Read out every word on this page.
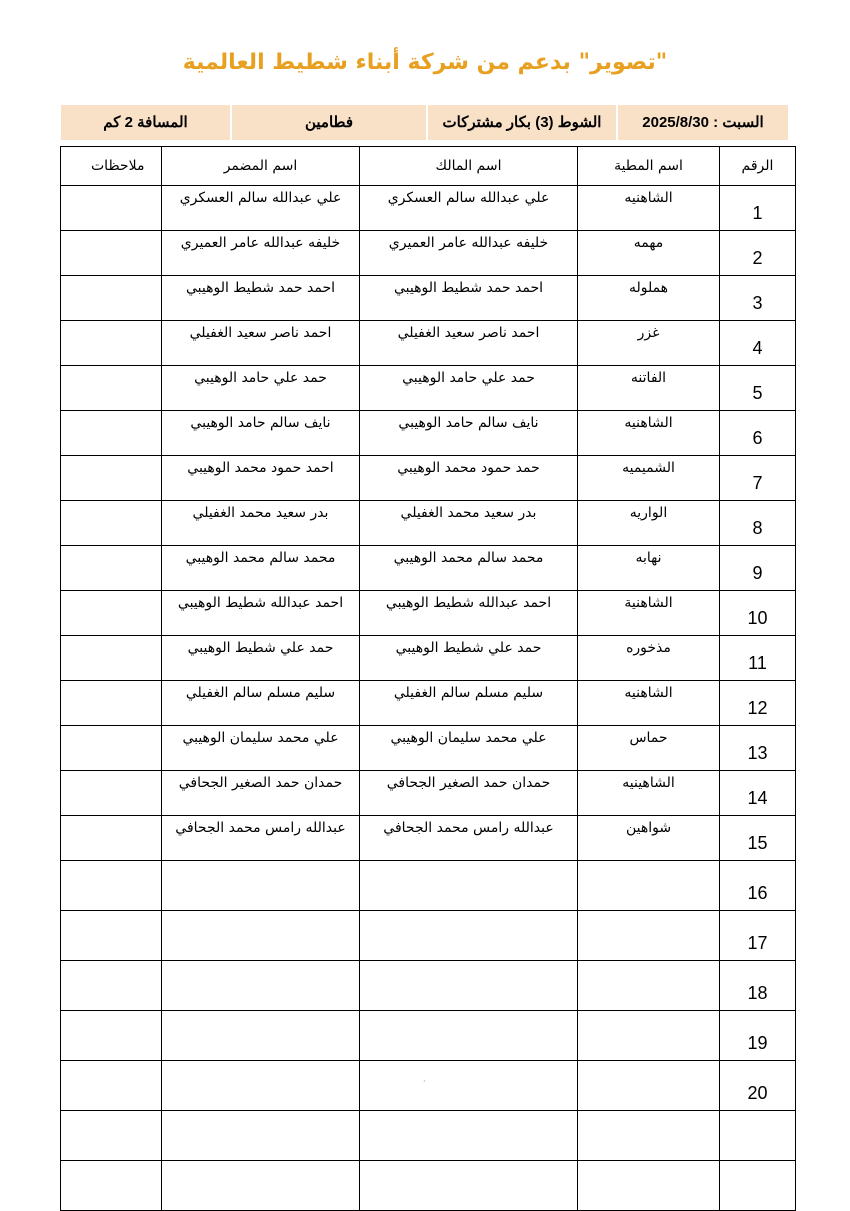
"تصوير" بدعم من شركة أبناء شطيط العالمية
السبت : 2025/8/30
الشوط (3) بكار مشتركات
فطامين
المسافة 2 كم
الرقم	اسم المطية	اسم المالك	اسم المضمر	ملاحظات
1	الشاهنيه	علي عبدالله سالم العسكري	علي عبدالله سالم العسكري	

2	مهمه	خليفه عبدالله عامر العميري	خليفه عبدالله عامر العميري	

3	هملوله	احمد حمد شطيط الوهيبي	احمد حمد شطيط الوهيبي	

4	غزر	احمد ناصر سعيد الغفيلي	احمد ناصر سعيد الغفيلي	

5	الفاتنه	حمد علي حامد الوهيبي	حمد علي حامد الوهيبي	

6	الشاهنيه	نايف سالم حامد الوهيبي	نايف سالم حامد الوهيبي	

7	الشميميه	حمد حمود محمد الوهيبي	احمد حمود محمد الوهيبي	

8	الواريه	بدر سعيد محمد الغفيلي	بدر سعيد محمد الغفيلي	

9	نهابه	محمد سالم محمد الوهيبي	محمد سالم محمد الوهيبي	

10	الشاهنية	احمد عبدالله شطيط الوهيبي	احمد عبدالله شطيط الوهيبي	

11	مذخوره	حمد علي شطيط الوهيبي	حمد علي شطيط الوهيبي	

12	الشاهنيه	سليم مسلم سالم الغفيلي	سليم مسلم سالم الغفيلي	

13	حماس	علي محمد سليمان الوهيبي	علي محمد سليمان الوهيبي	

14	الشاهينيه	حمدان حمد الصغير الجحافي	حمدان حمد الصغير الجحافي	

15	شواهين	عبدالله رامس محمد الجحافي	عبدالله رامس محمد الجحافي	

16	

17	

18	

19	

20	

·
